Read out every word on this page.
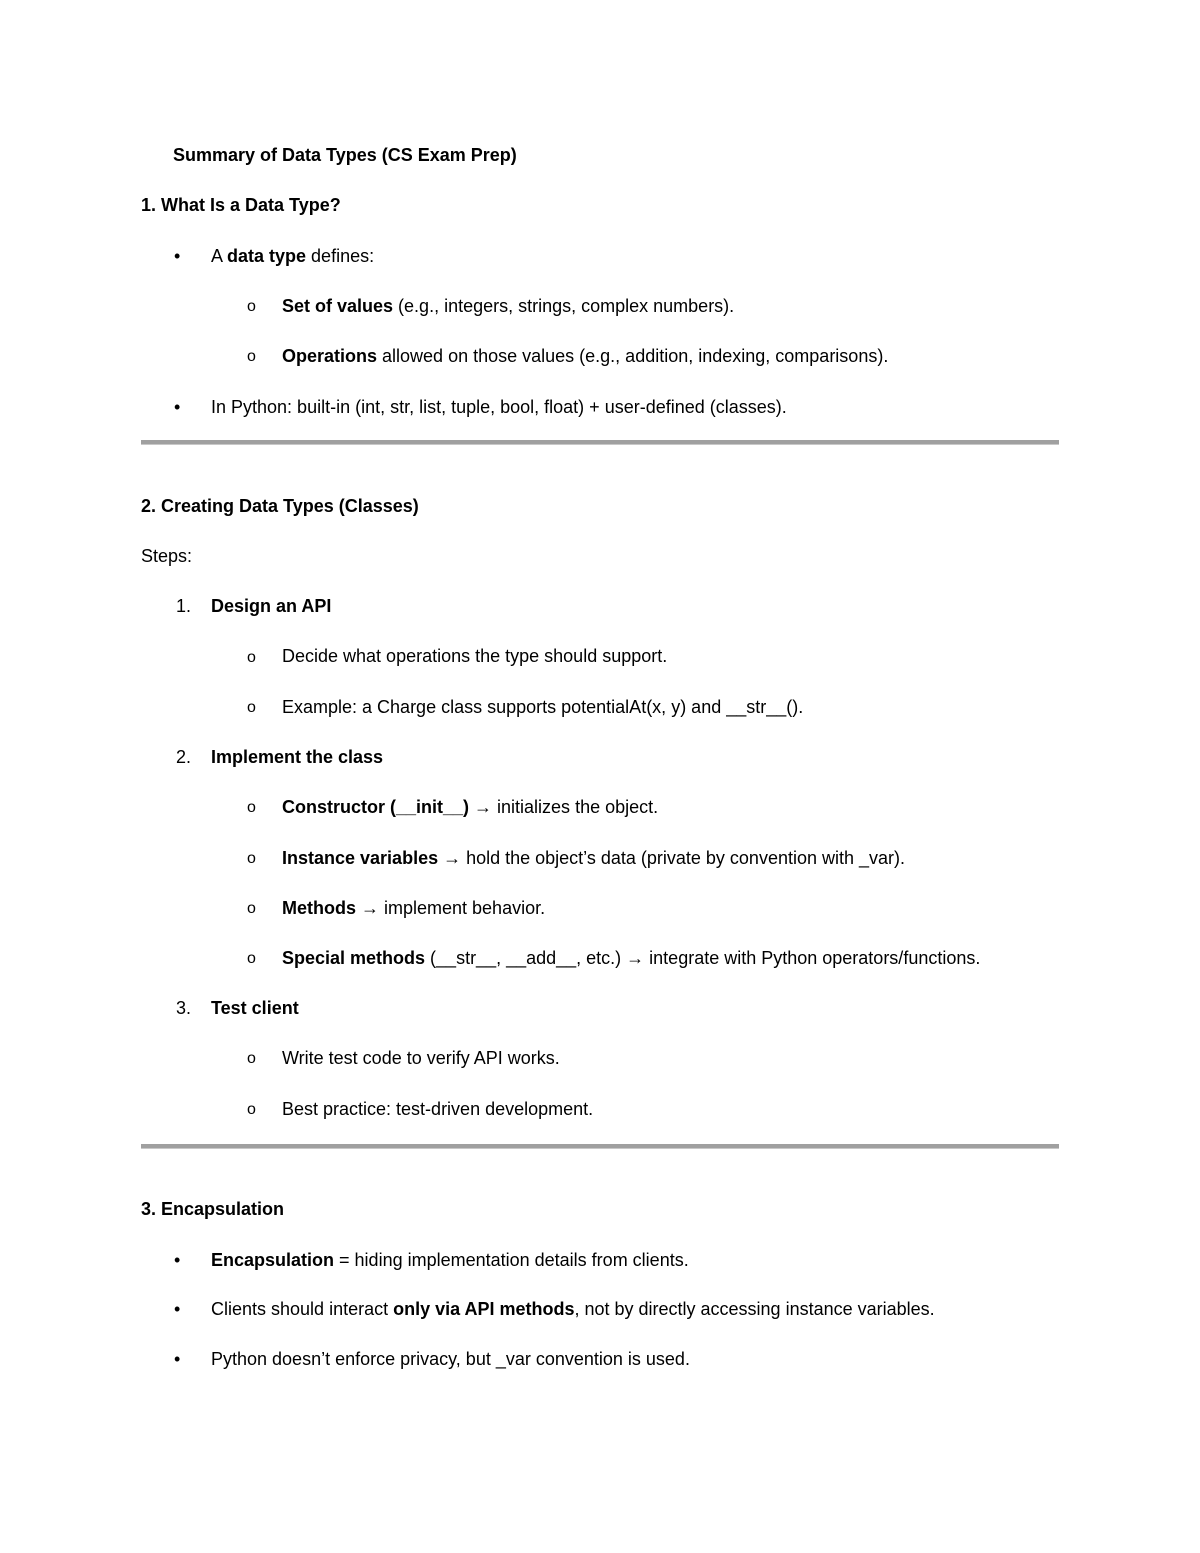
Summary of Data Types (CS Exam Prep)
1. What Is a Data Type?
• A data type defines:
o Set of values (e.g., integers, strings, complex numbers).
o Operations allowed on those values (e.g., addition, indexing, comparisons).
• In Python: built-in (int, str, list, tuple, bool, float) + user-defined (classes).
2. Creating Data Types (Classes)
Steps:
1. Design an API
o Decide what operations the type should support.
o Example: a Charge class supports potentialAt(x, y) and __str__().
2. Implement the class
o Constructor (__init__) → initializes the object.
o Instance variables → hold the object’s data (private by convention with _var).
o Methods → implement behavior.
o Special methods (__str__, __add__, etc.) → integrate with Python operators/functions.
3. Test client
o Write test code to verify API works.
o Best practice: test-driven development.
3. Encapsulation
• Encapsulation = hiding implementation details from clients.
• Clients should interact only via API methods, not by directly accessing instance variables.
• Python doesn’t enforce privacy, but _var convention is used.
